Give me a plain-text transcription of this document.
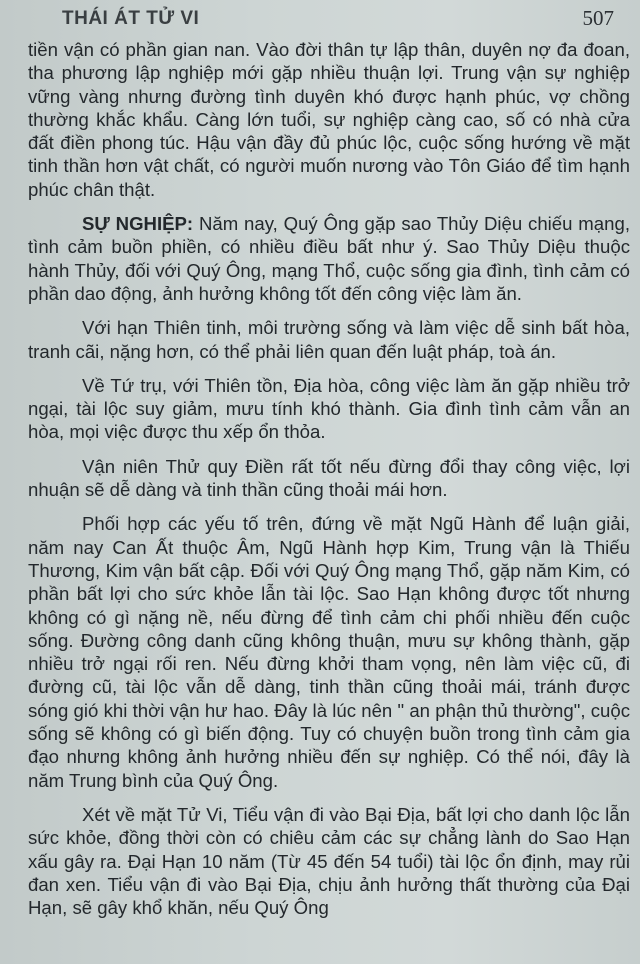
THÁI ÁT TỬ VI	507

tiền vận có phần gian nan. Vào đời thân tự lập thân, duyên nợ đa đoan, tha phương lập nghiệp mới gặp nhiều thuận lợi. Trung vận sự nghiệp vững vàng nhưng đường tình duyên khó được hạnh phúc, vợ chồng thường khắc khẩu. Càng lớn tuổi, sự nghiệp càng cao, số có nhà cửa đất điền phong túc. Hậu vận đầy đủ phúc lộc, cuộc sống hướng về mặt tinh thần hơn vật chất, có người muốn nương vào Tôn Giáo để tìm hạnh phúc chân thật.

SỰ NGHIỆP: Năm nay, Quý Ông gặp sao Thủy Diệu chiếu mạng, tình cảm buồn phiền, có nhiều điều bất như ý. Sao Thủy Diệu thuộc hành Thủy, đối với Quý Ông, mạng Thổ, cuộc sống gia đình, tình cảm có phần dao động, ảnh hưởng không tốt đến công việc làm ăn.

Với hạn Thiên tinh, môi trường sống và làm việc dễ sinh bất hòa, tranh cãi, nặng hơn, có thể phải liên quan đến luật pháp, toà án.

Về Tứ trụ, với Thiên tồn, Địa hòa, công việc làm ăn gặp nhiều trở ngại, tài lộc suy giảm, mưu tính khó thành. Gia đình tình cảm vẫn an hòa, mọi việc được thu xếp ổn thỏa.

Vận niên Thử quy Điền rất tốt nếu đừng đổi thay công việc, lợi nhuận sẽ dễ dàng và tinh thần cũng thoải mái hơn.

Phối hợp các yếu tố trên, đứng về mặt Ngũ Hành để luận giải, năm nay Can Ất thuộc Âm, Ngũ Hành hợp Kim, Trung vận là Thiếu Thương, Kim vận bất cập. Đối với Quý Ông mạng Thổ, gặp năm Kim, có phần bất lợi cho sức khỏe lẫn tài lộc. Sao Hạn không được tốt nhưng không có gì nặng nề, nếu đừng để tình cảm chi phối nhiều đến cuộc sống. Đường công danh cũng không thuận, mưu sự không thành, gặp nhiều trở ngại rối ren. Nếu đừng khởi tham vọng, nên làm việc cũ, đi đường cũ, tài lộc vẫn dễ dàng, tinh thần cũng thoải mái, tránh được sóng gió khi thời vận hư hao. Đây là lúc nên " an phận thủ thường", cuộc sống sẽ không có gì biến động. Tuy có chuyện buồn trong tình cảm gia đạo nhưng không ảnh hưởng nhiều đến sự nghiệp. Có thể nói, đây là năm Trung bình của Quý Ông.

Xét về mặt Tử Vi, Tiểu vận đi vào Bại Địa, bất lợi cho danh lộc lẫn sức khỏe, đồng thời còn có chiêu cảm các sự chẳng lành do Sao Hạn xấu gây ra. Đại Hạn 10 năm (Từ 45 đến 54 tuổi) tài lộc ổn định, may rủi đan xen. Tiểu vận đi vào Bại Địa, chịu ảnh hưởng thất thường của Đại Hạn, sẽ gây khổ khăn, nếu Quý Ông
